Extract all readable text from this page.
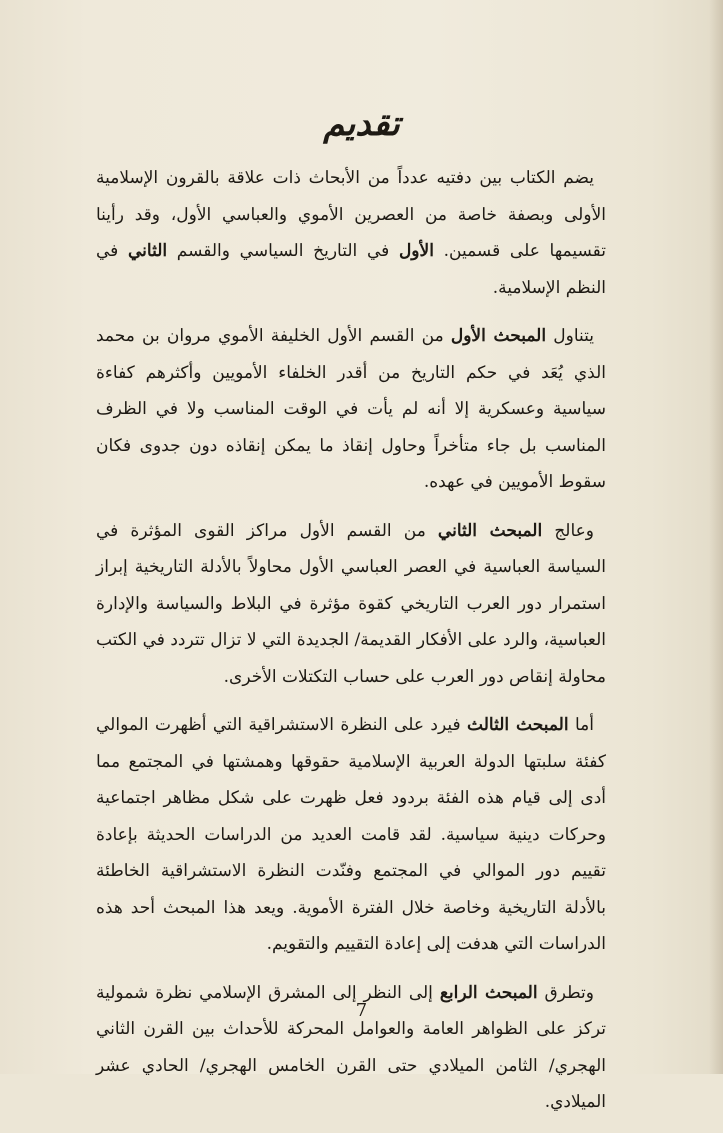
تقديم

يضم الكتاب بين دفتيه عدداً من الأبحاث ذات علاقة بالقرون الإسلامية الأولى وبصفة خاصة من العصرين الأموي والعباسي الأول، وقد رأينا تقسيمها على قسمين. الأول في التاريخ السياسي والقسم الثاني في النظم الإسلامية.

يتناول المبحث الأول من القسم الأول الخليفة الأموي مروان بن محمد الذي يُعَد في حكم التاريخ من أقدر الخلفاء الأمويين وأكثرهم كفاءة سياسية وعسكرية إلا أنه لم يأت في الوقت المناسب ولا في الظرف المناسب بل جاء متأخراً وحاول إنقاذ ما يمكن إنقاذه دون جدوى فكان سقوط الأمويين في عهده.

وعالج المبحث الثاني من القسم الأول مراكز القوى المؤثرة في السياسة العباسية في العصر العباسي الأول محاولاً بالأدلة التاريخية إبراز استمرار دور العرب التاريخي كقوة مؤثرة في البلاط والسياسة والإدارة العباسية، والرد على الأفكار القديمة/ الجديدة التي لا تزال تتردد في الكتب محاولة إنقاص دور العرب على حساب التكتلات الأخرى.

أما المبحث الثالث فيرد على النظرة الاستشراقية التي أظهرت الموالي كفئة سلبتها الدولة العربية الإسلامية حقوقها وهمشتها في المجتمع مما أدى إلى قيام هذه الفئة بردود فعل ظهرت على شكل مظاهر اجتماعية وحركات دينية سياسية. لقد قامت العديد من الدراسات الحديثة بإعادة تقييم دور الموالي في المجتمع وفنّدت النظرة الاستشراقية الخاطئة بالأدلة التاريخية وخاصة خلال الفترة الأموية. ويعد هذا المبحث أحد هذه الدراسات التي هدفت إلى إعادة التقييم والتقويم.

وتطرق المبحث الرابع إلى النظر إلى المشرق الإسلامي نظرة شمولية تركز على الظواهر العامة والعوامل المحركة للأحداث بين القرن الثاني الهجري/ الثامن الميلادي حتى القرن الخامس الهجري/ الحادي عشر الميلادي.

7
